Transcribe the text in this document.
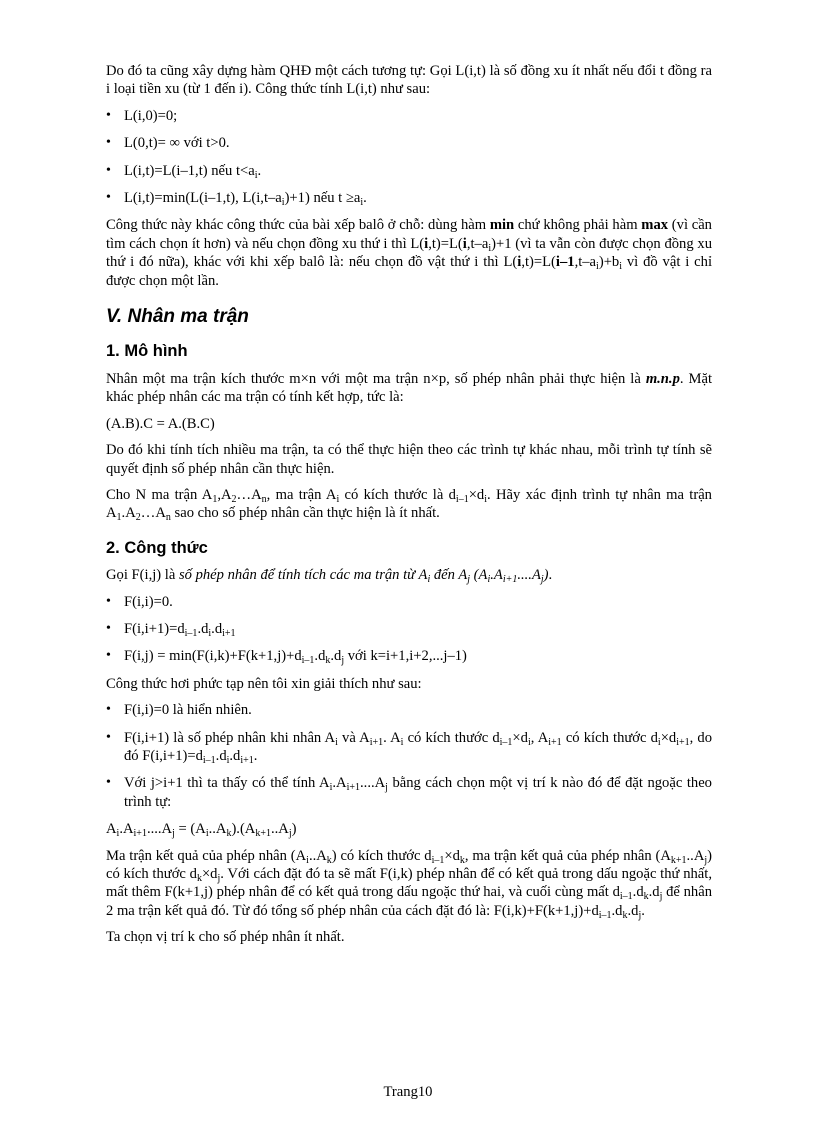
Do đó ta cũng xây dựng hàm QHĐ một cách tương tự: Gọi L(i,t) là số đồng xu ít nhất nếu đổi t đồng ra i loại tiền xu (từ 1 đến i). Công thức tính L(i,t) như sau:

• L(i,0)=0;
• L(0,t)= ∞ với t>0.
• L(i,t)=L(i–1,t) nếu $t<a_i$.
• L(i,t)=min(L(i–1,t), $L(i,t-a_i)+1$) nếu $t \ge a_i$.

Công thức này khác công thức của bài xếp balô ở chỗ: dùng hàm min chứ không phải hàm max (vì cần tìm cách chọn ít hơn) và nếu chọn đồng xu thứ i thì $L(i,t)=L(i,t-a_i)+1$ (vì ta vẫn còn được chọn đồng xu thứ i đó nữa), khác với khi xếp balô là: nếu chọn đồ vật thứ i thì $L(i,t)=L(i-1,t-a_i)+b_i$ vì đồ vật i chỉ được chọn một lần.

V. Nhân ma trận
1. Mô hình

Nhân một ma trận kích thước m×n với một ma trận n×p, số phép nhân phải thực hiện là m.n.p. Mặt khác phép nhân các ma trận có tính kết hợp, tức là:

(A.B).C = A.(B.C)

Do đó khi tính tích nhiều ma trận, ta có thể thực hiện theo các trình tự khác nhau, mỗi trình tự tính sẽ quyết định số phép nhân cần thực hiện.

Cho N ma trận $A_1,A_2\dots A_n$, ma trận $A_i$ có kích thước là $d_{i-1}\times d_i$. Hãy xác định trình tự nhân ma trận $A_1.A_2\dots A_n$ sao cho số phép nhân cần thực hiện là ít nhất.

2. Công thức

Gọi F(i,j) là số phép nhân để tính tích các ma trận từ $A_i$ đến $A_j$ $(A_i.A_{i+1}....A_j)$.

• F(i,i)=0.
• $F(i,i+1)=d_{i-1}.d_i.d_{i+1}$
• $F(i,j) = \min(F(i,k)+F(k+1,j)+d_{i-1}.d_k.d_j$ với k=i+1,i+2,...j–1)

Công thức hơi phức tạp nên tôi xin giải thích như sau:

• F(i,i)=0 là hiển nhiên.
• F(i,i+1) là số phép nhân khi nhân $A_i$ và $A_{i+1}$. $A_i$ có kích thước $d_{i-1}\times d_i$, $A_{i+1}$ có kích thước $d_i\times d_{i+1}$, do đó $F(i,i+1)=d_{i-1}.d_i.d_{i+1}$.
• Với j>i+1 thì ta thấy có thể tính $A_i.A_{i+1}....A_j$ bằng cách chọn một vị trí k nào đó để đặt ngoặc theo trình tự:

$A_i.A_{i+1}....A_j = (A_i..A_k).(A_{k+1}..A_j)$

Ma trận kết quả của phép nhân $(A_i..A_k)$ có kích thước $d_{i-1}\times d_k$, ma trận kết quả của phép nhân $(A_{k+1}..A_j)$ có kích thước $d_k\times d_j$. Với cách đặt đó ta sẽ mất F(i,k) phép nhân để có kết quả trong dấu ngoặc thứ nhất, mất thêm F(k+1,j) phép nhân để có kết quả trong dấu ngoặc thứ hai, và cuối cùng mất $d_{i-1}.d_k.d_j$ để nhân 2 ma trận kết quả đó. Từ đó tổng số phép nhân của cách đặt đó là: $F(i,k)+F(k+1,j)+d_{i-1}.d_k.d_j$.

Ta chọn vị trí k cho số phép nhân ít nhất.

Trang10
